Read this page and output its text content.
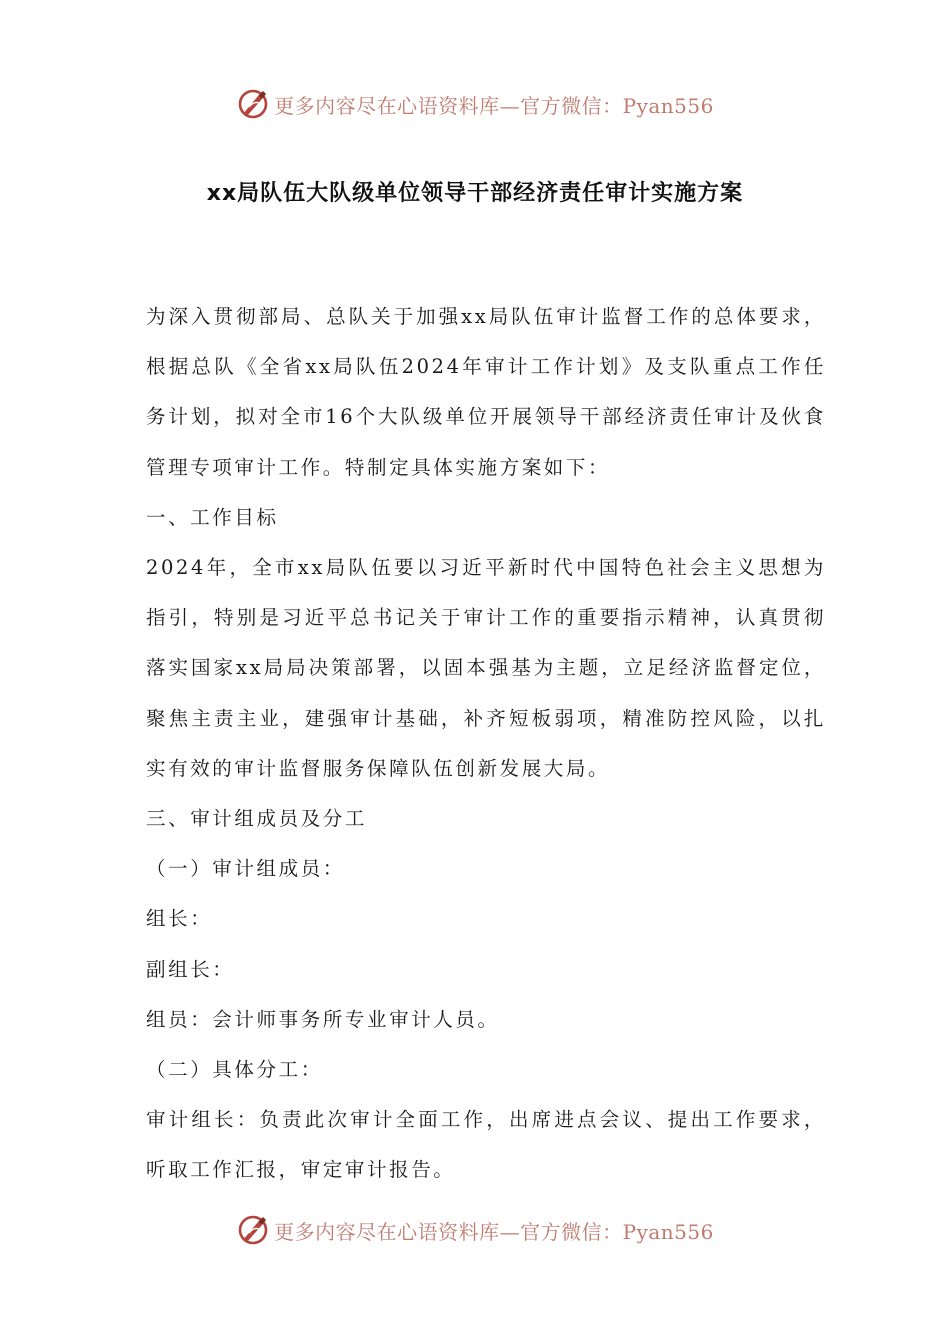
更多内容尽在心语资料库—官方微信：Pyan556
xx局队伍大队级单位领导干部经济责任审计实施方案

为深入贯彻部局、总队关于加强xx局队伍审计监督工作的总体要求，根据总队《全省xx局队伍2024年审计工作计划》及支队重点工作任务计划，拟对全市16个大队级单位开展领导干部经济责任审计及伙食管理专项审计工作。特制定具体实施方案如下：

一、工作目标

2024年，全市xx局队伍要以习近平新时代中国特色社会主义思想为指引，特别是习近平总书记关于审计工作的重要指示精神，认真贯彻落实国家xx局局决策部署，以固本强基为主题，立足经济监督定位，聚焦主责主业，建强审计基础，补齐短板弱项，精准防控风险，以扎实有效的审计监督服务保障队伍创新发展大局。

三、审计组成员及分工

（一）审计组成员：

组长：

副组长：

组员：会计师事务所专业审计人员。

（二）具体分工：

审计组长：负责此次审计全面工作，出席进点会议、提出工作要求，听取工作汇报，审定审计报告。

更多内容尽在心语资料库—官方微信：Pyan556
